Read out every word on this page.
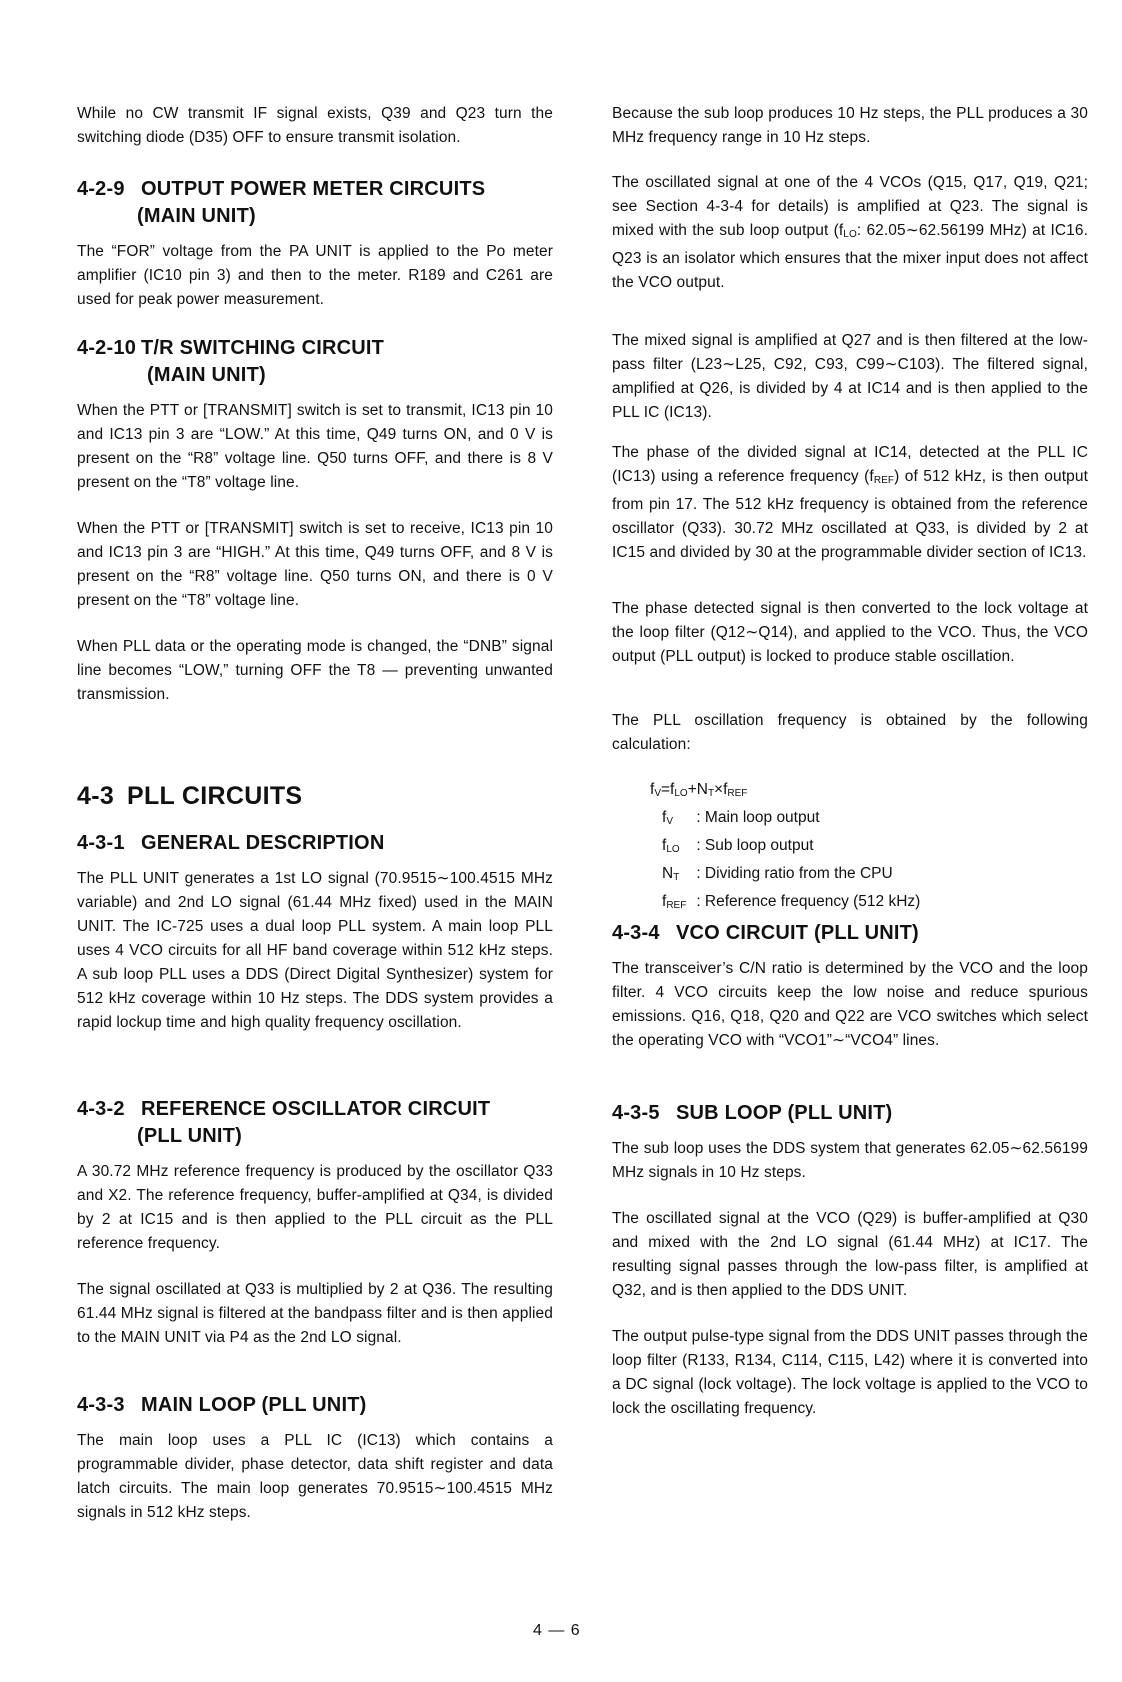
While no CW transmit IF signal exists, Q39 and Q23 turn the switching diode (D35) OFF to ensure transmit isolation.

4-2-9 OUTPUT POWER METER CIRCUITS
(MAIN UNIT)

The “FOR” voltage from the PA UNIT is applied to the Po meter amplifier (IC10 pin 3) and then to the meter. R189 and C261 are used for peak power measurement.

4-2-10 T/R SWITCHING CIRCUIT
(MAIN UNIT)

When the PTT or [TRANSMIT] switch is set to transmit, IC13 pin 10 and IC13 pin 3 are “LOW.” At this time, Q49 turns ON, and 0 V is present on the “R8” voltage line. Q50 turns OFF, and there is 8 V present on the “T8” voltage line.

When the PTT or [TRANSMIT] switch is set to receive, IC13 pin 10 and IC13 pin 3 are “HIGH.” At this time, Q49 turns OFF, and 8 V is present on the “R8” voltage line. Q50 turns ON, and there is 0 V present on the “T8” voltage line.

When PLL data or the operating mode is changed, the “DNB” signal line becomes “LOW,” turning OFF the T8 — preventing unwanted transmission.

4-3 PLL CIRCUITS
4-3-1 GENERAL DESCRIPTION

The PLL UNIT generates a 1st LO signal (70.9515∼100.4515 MHz variable) and 2nd LO signal (61.44 MHz fixed) used in the MAIN UNIT. The IC-725 uses a dual loop PLL system. A main loop PLL uses 4 VCO circuits for all HF band coverage within 512 kHz steps. A sub loop PLL uses a DDS (Direct Digital Synthesizer) system for 512 kHz coverage within 10 Hz steps. The DDS system provides a rapid lockup time and high quality frequency oscillation.

4-3-2 REFERENCE OSCILLATOR CIRCUIT
(PLL UNIT)

A 30.72 MHz reference frequency is produced by the oscillator Q33 and X2. The reference frequency, buffer-amplified at Q34, is divided by 2 at IC15 and is then applied to the PLL circuit as the PLL reference frequency.

The signal oscillated at Q33 is multiplied by 2 at Q36. The resulting 61.44 MHz signal is filtered at the bandpass filter and is then applied to the MAIN UNIT via P4 as the 2nd LO signal.

4-3-3 MAIN LOOP (PLL UNIT)

The main loop uses a PLL IC (IC13) which contains a programmable divider, phase detector, data shift register and data latch circuits. The main loop generates 70.9515∼100.4515 MHz signals in 512 kHz steps.

Because the sub loop produces 10 Hz steps, the PLL produces a 30 MHz frequency range in 10 Hz steps.

The oscillated signal at one of the 4 VCOs (Q15, Q17, Q19, Q21; see Section 4-3-4 for details) is amplified at Q23. The signal is mixed with the sub loop output ($f_{LO}$: 62.05∼62.56199 MHz) at IC16. Q23 is an isolator which ensures that the mixer input does not affect the VCO output.

The mixed signal is amplified at Q27 and is then filtered at the low-pass filter (L23∼L25, C92, C93, C99∼C103). The filtered signal, amplified at Q26, is divided by 4 at IC14 and is then applied to the PLL IC (IC13).

The phase of the divided signal at IC14, detected at the PLL IC (IC13) using a reference frequency $(f_{REF})$ of 512 kHz, is then output from pin 17. The 512 kHz frequency is obtained from the reference oscillator (Q33). 30.72 MHz oscillated at Q33, is divided by 2 at IC15 and divided by 30 at the programmable divider section of IC13.

The phase detected signal is then converted to the lock voltage at the loop filter (Q12∼Q14), and applied to the VCO. Thus, the VCO output (PLL output) is locked to produce stable oscillation.

The PLL oscillation frequency is obtained by the following calculation:

$f_V=f_{LO}+N_T\times f_{REF}$
$f_V$ : Main loop output
$f_{LO}$ : Sub loop output
$N_T$ : Dividing ratio from the CPU
$f_{REF}$ : Reference frequency (512 kHz)
4-3-4 VCO CIRCUIT (PLL UNIT)

The transceiver’s C/N ratio is determined by the VCO and the loop filter. 4 VCO circuits keep the low noise and reduce spurious emissions. Q16, Q18, Q20 and Q22 are VCO switches which select the operating VCO with “VCO1”∼“VCO4” lines.

4-3-5 SUB LOOP (PLL UNIT)

The sub loop uses the DDS system that generates 62.05∼62.56199 MHz signals in 10 Hz steps.

The oscillated signal at the VCO (Q29) is buffer-amplified at Q30 and mixed with the 2nd LO signal (61.44 MHz) at IC17. The resulting signal passes through the low-pass filter, is amplified at Q32, and is then applied to the DDS UNIT.

The output pulse-type signal from the DDS UNIT passes through the loop filter (R133, R134, C114, C115, L42) where it is converted into a DC signal (lock voltage). The lock voltage is applied to the VCO to lock the oscillating frequency.

4 — 6
